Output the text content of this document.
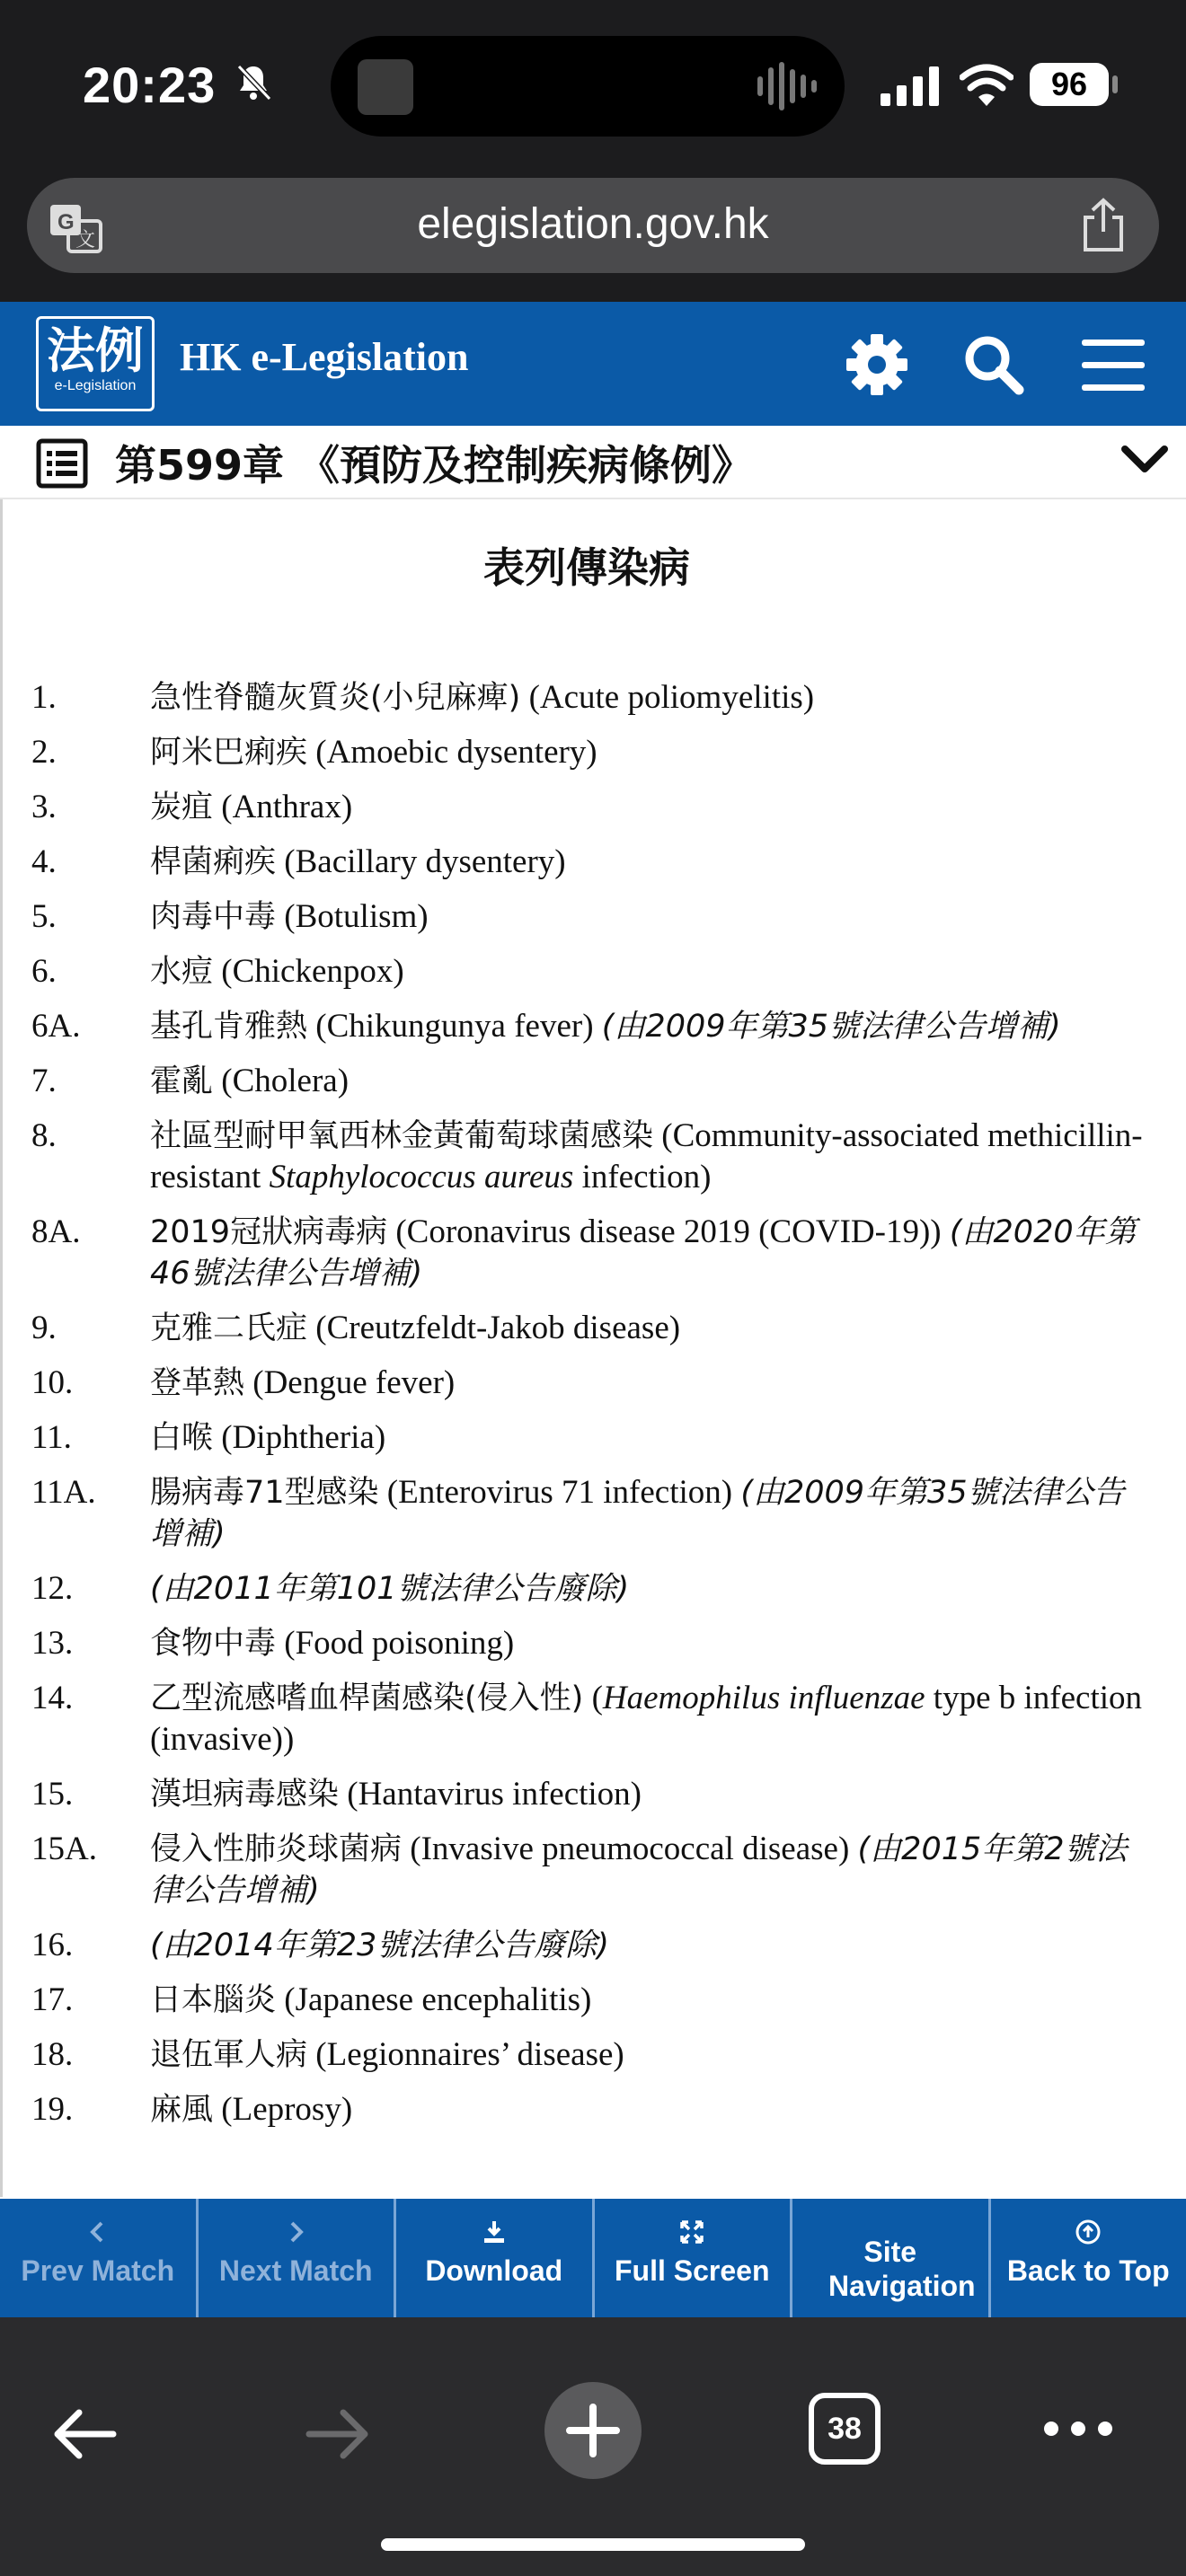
20:23	96
G
文	elegislation.gov.hk
法例
e-Legislation
HK e-Legislation
第599章 《預防及控制疾病條例》
表列傳染病
1.	急性脊髓灰質炎(小兒麻痺) (Acute poliomyelitis)
2.	阿米巴痢疾 (Amoebic dysentery)
3.	炭疽 (Anthrax)
4.	桿菌痢疾 (Bacillary dysentery)
5.	肉毒中毒 (Botulism)
6.	水痘 (Chickenpox)
6A.	基孔肯雅熱 (Chikungunya fever) (由2009年第35號法律公告增補)
7.	霍亂 (Cholera)
8.	社區型耐甲氧西林金黃葡萄球菌感染 (Community-associated methicillin-resistant Staphylococcus aureus infection)
8A.	2019冠狀病毒病 (Coronavirus disease 2019 (COVID-19)) (由2020年第46號法律公告增補)
9.	克雅二氏症 (Creutzfeldt-Jakob disease)
10.	登革熱 (Dengue fever)
11.	白喉 (Diphtheria)
11A.	腸病毒71型感染 (Enterovirus 71 infection) (由2009年第35號法律公告增補)
12.	(由2011年第101號法律公告廢除)
13.	食物中毒 (Food poisoning)
14.	乙型流感嗜血桿菌感染(侵入性) (Haemophilus influenzae type b infection (invasive))
15.	漢坦病毒感染 (Hantavirus infection)
15A.	侵入性肺炎球菌病 (Invasive pneumococcal disease) (由2015年第2號法律公告增補)
16.	(由2014年第23號法律公告廢除)
17.	日本腦炎 (Japanese encephalitis)
18.	退伍軍人病 (Legionnaires’ disease)
19.	麻風 (Leprosy)
Prev Match	Next Match	Download	Full Screen
Site Navigation	Back to Top
38
